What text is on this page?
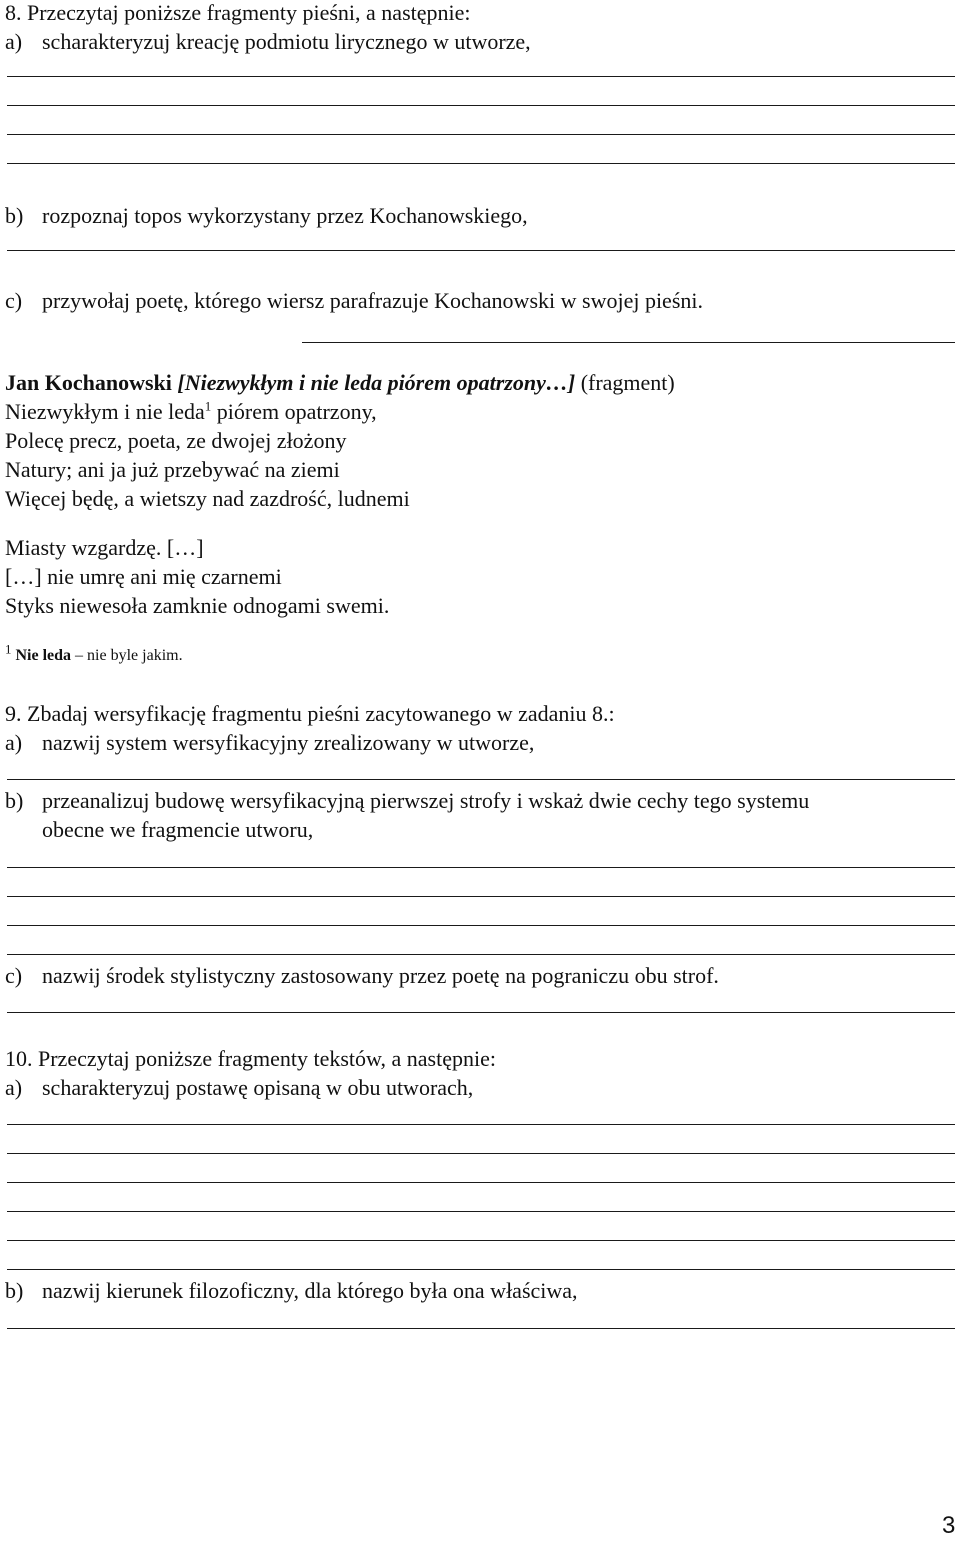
8. Przeczytaj poniższe fragmenty pieśni, a następnie:
a) scharakteryzuj kreację podmiotu lirycznego w utworze,
b) rozpoznaj topos wykorzystany przez Kochanowskiego,
c) przywołaj poetę, którego wiersz parafrazuje Kochanowski w swojej pieśni.
Jan Kochanowski [Niezwykłym i nie leda piórem opatrzony…] (fragment)
Niezwykłym i nie leda$^1$ piórem opatrzony,
Polecę precz, poeta, ze dwojej złożony
Natury; ani ja już przebywać na ziemi
Więcej będę, a wietszy nad zazdrość, ludnemi
Miasty wzgardzę. […]
[…] nie umrę ani mię czarnemi
Styks niewesoła zamknie odnogami swemi.
$^1$ Nie leda – nie byle jakim.
9. Zbadaj wersyfikację fragmentu pieśni zacytowanego w zadaniu 8.:
a) nazwij system wersyfikacyjny zrealizowany w utworze,
b) przeanalizuj budowę wersyfikacyjną pierwszej strofy i wskaż dwie cechy tego systemu
obecne we fragmencie utworu,
c) nazwij środek stylistyczny zastosowany przez poetę na pograniczu obu strof.
10. Przeczytaj poniższe fragmenty tekstów, a następnie:
a) scharakteryzuj postawę opisaną w obu utworach,
b) nazwij kierunek filozoficzny, dla którego była ona właściwa,
3
